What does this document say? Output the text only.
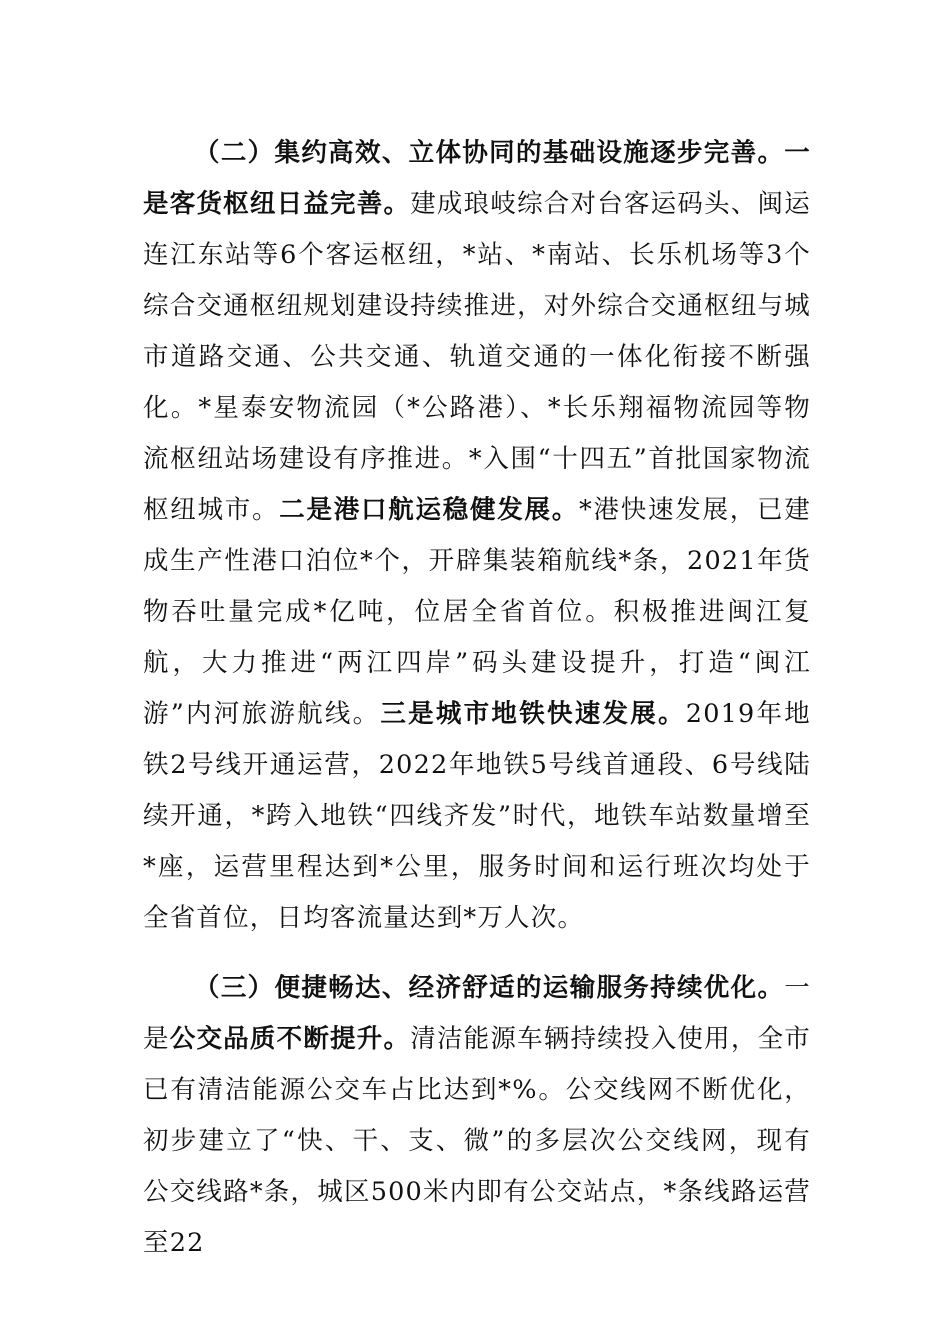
（二）集约高效、立体协同的基础设施逐步完善。一是客货枢纽日益完善。建成琅岐综合对台客运码头、闽运连江东站等6个客运枢纽，*站、*南站、长乐机场等3个综合交通枢纽规划建设持续推进，对外综合交通枢纽与城市道路交通、公共交通、轨道交通的一体化衔接不断强化。*星泰安物流园（*公路港）、*长乐翔福物流园等物流枢纽站场建设有序推进。*入围“十四五”首批国家物流枢纽城市。二是港口航运稳健发展。*港快速发展，已建成生产性港口泊位*个，开辟集装箱航线*条，2021年货物吞吐量完成*亿吨，位居全省首位。积极推进闽江复航，大力推进“两江四岸”码头建设提升，打造“闽江游”内河旅游航线。三是城市地铁快速发展。2019年地铁2号线开通运营，2022年地铁5号线首通段、6号线陆续开通，*跨入地铁“四线齐发”时代，地铁车站数量增至*座，运营里程达到*公里，服务时间和运行班次均处于全省首位，日均客流量达到*万人次。

（三）便捷畅达、经济舒适的运输服务持续优化。一是公交品质不断提升。清洁能源车辆持续投入使用，全市已有清洁能源公交车占比达到*%。公交线网不断优化，初步建立了“快、干、支、微”的多层次公交线网，现有公交线路*条，城区500米内即有公交站点，*条线路运营至22
